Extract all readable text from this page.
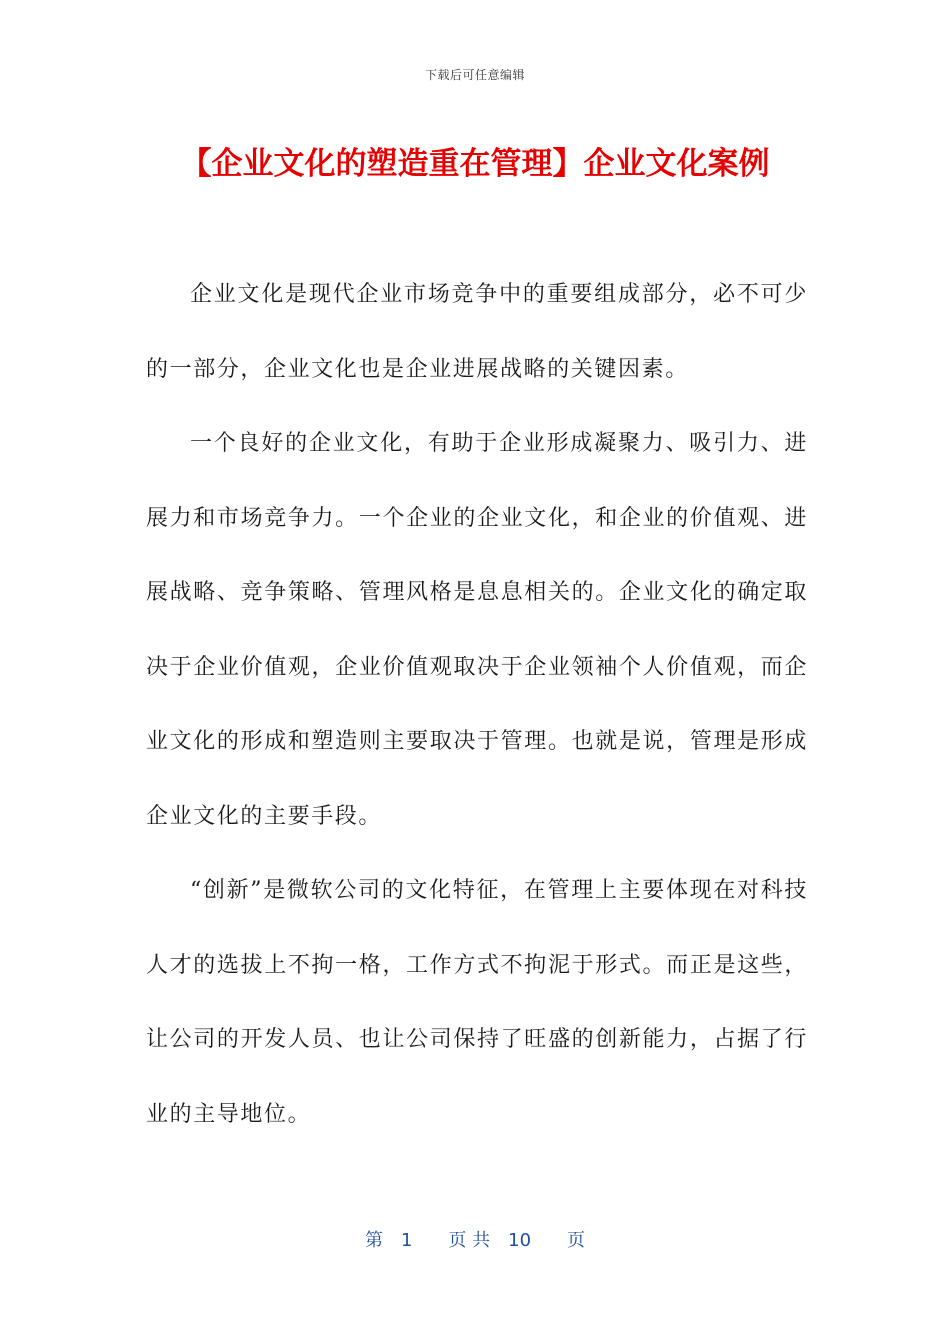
下载后可任意编辑
【企业文化的塑造重在管理】企业文化案例

企业文化是现代企业市场竞争中的重要组成部分，必不可少的一部分，企业文化也是企业进展战略的关键因素。

一个良好的企业文化，有助于企业形成凝聚力、吸引力、进展力和市场竞争力。一个企业的企业文化，和企业的价值观、进展战略、竞争策略、管理风格是息息相关的。企业文化的确定取决于企业价值观，企业价值观取决于企业领袖个人价值观，而企业文化的形成和塑造则主要取决于管理。也就是说，管理是形成企业文化的主要手段。

“创新”是微软公司的文化特征，在管理上主要体现在对科技人才的选拔上不拘一格，工作方式不拘泥于形式。而正是这些，让公司的开发人员、也让公司保持了旺盛的创新能力，占据了行业的主导地位。

第　1　　页 共　10　　页
